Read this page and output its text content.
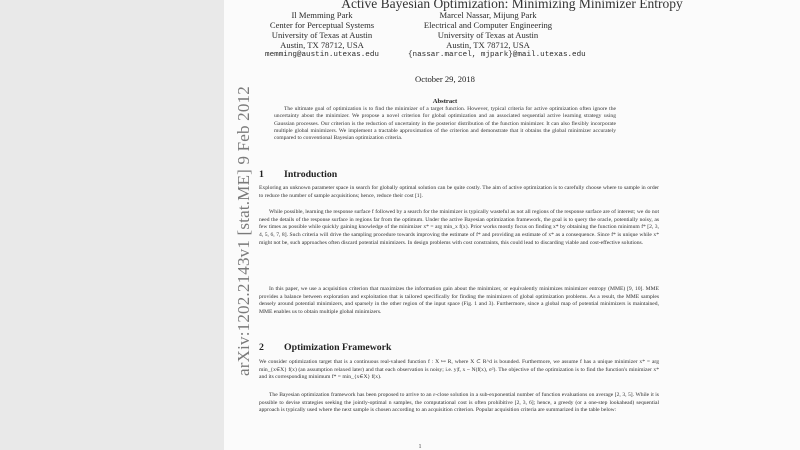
arXiv:1202.2143v1 [stat.ME] 9 Feb 2012
Active Bayesian Optimization: Minimizing Minimizer Entropy
Il Memming Park
Center for Perceptual Systems
University of Texas at Austin
Austin, TX 78712, USA
memming@austin.utexas.edu
Marcel Nassar, Mijung Park
Electrical and Computer Engineering
University of Texas at Austin
Austin, TX 78712, USA
{nassar.marcel, mjpark}@mail.utexas.edu
October 29, 2018
Abstract
The ultimate goal of optimization is to find the minimizer of a target function. However, typical criteria for active optimization often ignore the uncertainty about the minimizer. We propose a novel criterion for global optimization and an associated sequential active learning strategy using Gaussian processes. Our criterion is the reduction of uncertainty in the posterior distribution of the function minimizer. It can also flexibly incorporate multiple global minimizers. We implement a tractable approximation of the criterion and demonstrate that it obtains the global minimizer accurately compared to conventional Bayesian optimization criteria.
1 Introduction
Exploring an unknown parameter space in search for globally optimal solution can be quite costly. The aim of active optimization is to carefully choose where to sample in order to reduce the number of sample acquisitions; hence, reduce their cost [1].
While possible, learning the response surface f followed by a search for the minimizer is typically wasteful as not all regions of the response surface are of interest; we do not need the details of the response surface in regions far from the optimum. Under the active Bayesian optimization framework, the goal is to query the oracle, potentially noisy, as few times as possible while quickly gaining knowledge of the minimizer x* = arg min_x f(x). Prior works mostly focus on finding x* by obtaining the function minimum f* [2, 3, 4, 5, 6, 7, 8]. Such criteria will drive the sampling procedure towards improving the estimate of f* and providing an estimate of x* as a consequence. Since f* is unique while x* might not be, such approaches often discard potential minimizers. In design problems with cost constraints, this could lead to discarding viable and cost-effective solutions.
In this paper, we use a acquisition criterion that maximizes the information gain about the minimizer, or equivalently minimizes minimizer entropy (MME) [9, 10]. MME provides a balance between exploration and exploitation that is tailored specifically for finding the minimizers of global optimization problems. As a result, the MME samples densely around potential minimizers, and sparsely in the other region of the input space (Fig. 1 and 3). Furthermore, since a global map of potential minimizers is maintained, MME enables us to obtain multiple global minimizers.
2 Optimization Framework
We consider optimization target that is a continuous real-valued function f : X ↦ R, where X ⊂ R^d is bounded. Furthermore, we assume f has a unique minimizer x* = arg min_{x∈X} f(x) (an assumption relaxed later) and that each observation is noisy; i.e. y|f, x ~ N(f(x), σ²). The objective of the optimization is to find the function's minimizer x* and its corresponding minimum f* = min_{x∈X} f(x).
The Bayesian optimization framework has been proposed to arrive to an ε-close solution in a sub-exponential number of function evaluations on average [2, 3, 5]. While it is possible to devise strategies seeking the jointly-optimal n samples, the computational cost is often prohibitive [2, 3, 6]; hence, a greedy (or a one-step lookahead) sequential approach is typically used where the next sample is chosen according to an acquisition criterion. Popular acquisition criteria are summarized in the table below:
1
